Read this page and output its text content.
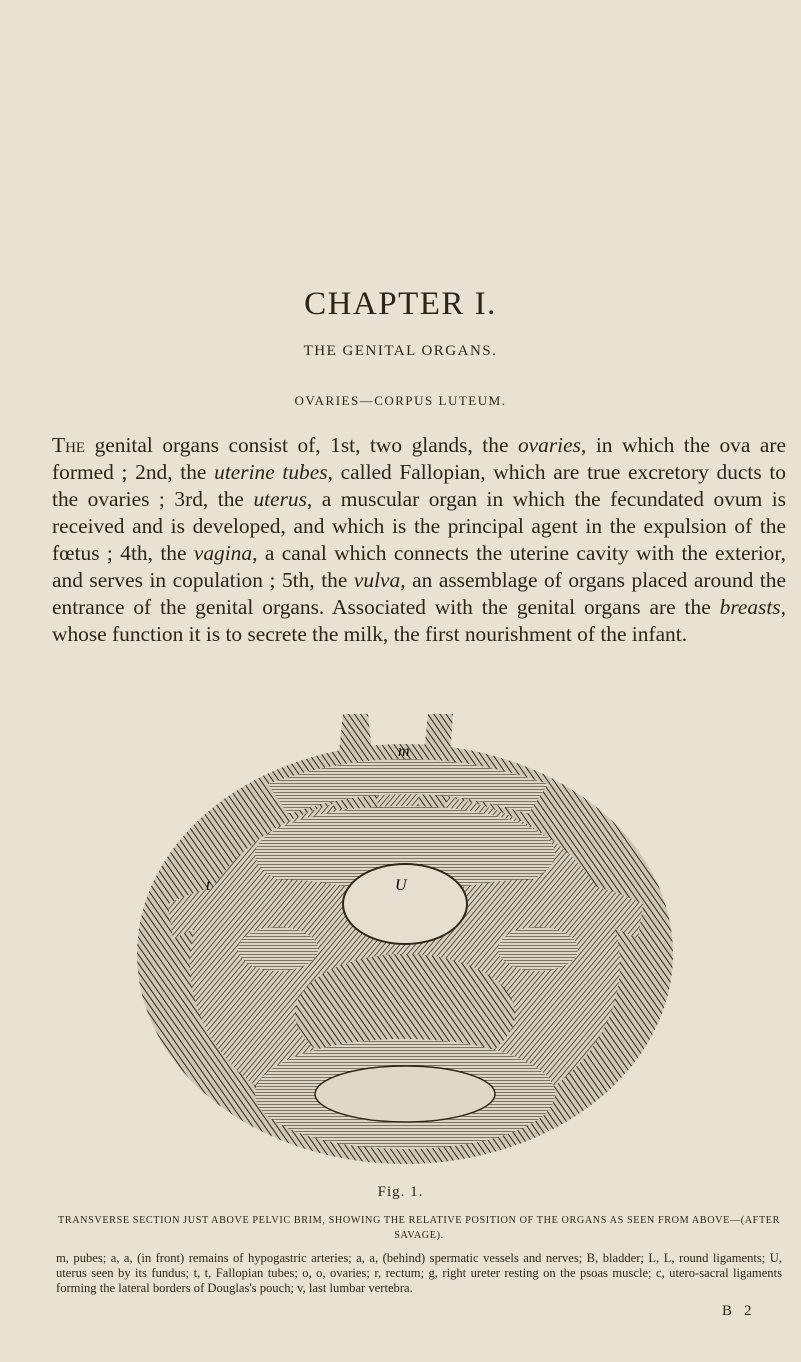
CHAPTER I.
THE GENITAL ORGANS.
OVARIES—CORPUS LUTEUM.
The genital organs consist of, 1st, two glands, the ovaries, in which the ova are formed ; 2nd, the uterine tubes, called Fallopian, which are true excretory ducts to the ovaries ; 3rd, the uterus, a muscular organ in which the fecundated ovum is received and is developed, and which is the principal agent in the expulsion of the fœtus ; 4th, the vagina, a canal which connects the uterine cavity with the exterior, and serves in copulation ; 5th, the vulva, an assemblage of organs placed around the entrance of the genital organs. Associated with the genital organs are the breasts, whose function it is to secrete the milk, the first nourishment of the infant.
m
t	U
Fig. 1.
TRANSVERSE SECTION JUST ABOVE PELVIC BRIM, SHOWING THE RELATIVE POSITION OF THE ORGANS AS SEEN FROM ABOVE—(AFTER SAVAGE).
m, pubes; a, a, (in front) remains of hypogastric arteries; a, a, (behind) spermatic vessels and nerves; B, bladder; L, L, round ligaments; U, uterus seen by its fundus; t, t, Fallopian tubes; o, o, ovaries; r, rectum; g, right ureter resting on the psoas muscle; c, utero-sacral ligaments forming the lateral borders of Douglas's pouch; v, last lumbar vertebra.
B 2
